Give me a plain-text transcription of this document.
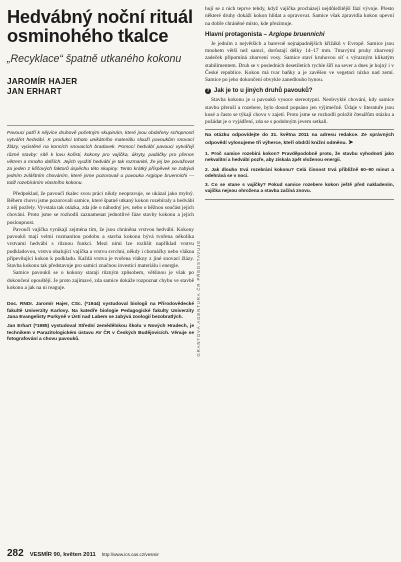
Hedvábný noční rituál osminohého tkalce

„Recyklace“ špatně utkaného kokonu

JAROMÍR HAJER
JAN ERHART

Pavouci patří k nějvíce druhově početným skupinám, které jsou obdařeny schopností vytvářet hedvábí. K produkci tohoto unikátního materiálu slouží pavoukům snovací žlázy, vyústěné na koncích snovacích bradavek. Pomocí hedvábí pavouci vytvářejí různé stavby: sítě k lovu kořisti, kokony pro vajíčka, úkryty, padáčky pro přenos větrem a mnoho dalších. Jejich využití hedvábí je tak rozmanité, že jej lze považovat za jeden z klíčových faktorů úspěchu této skupiny. Tento krátký příspěvek se zabývá jedním zvláštním chováním, které jsme pozorovali u pavouka Argiope bruennichi — totiž rozebíráním vlastního kokonu.

Předpoklad, že pavoučí tkalec svou práci nikdy neopravuje, se ukázal jako mylný. Během chovu jsme pozorovali samice, které špatně utkaný kokon rozebíraly a hedvábí z něj pozřely. Vyvstala tak otázka, zda jde o náhodný jev, nebo o běžnou součást jejich chování. Proto jsme se rozhodli zaznamenat jednotlivé fáze stavby kokonu a jejich posloupnost.

Pavoučí vajíčka vynikají zejména tím, že jsou chráněna vrstvou hedvábí. Kokony pavouků mají velmi rozmanitou podobu a stavba kokonu bývá tvořena několika vrstvami hedvábí s různou funkcí. Mezi nimi lze rozlišit například vrstvu podkladovou, vrstvu obalující vajíčka a vrstvu svrchní, někdy i chomáčky nebo vlákna připevňující kokon k podkladu. Každá vrstva je tvořena vlákny z jiné snovací žlázy. Stavba kokonu tak představuje pro samici značnou investici materiálu i energie.

Samice pavouků se o kokony starají různým způsobem, většinou je však po dokončení opouštějí. Je proto zajímavé, zda samice dokáže rozpoznat chybu ve stavbě kokonu a jak na ni reaguje.

Doc. RNDr. Jaromír Hajer, CSc. (*1944) vystudoval biologii na Přírodovědecké fakultě Univerzity Karlovy. Na katedře biologie Pedagogické fakulty Univerzity Jana Evangelisty Purkyně v Ústí nad Labem se zabývá zoologií bezobratlých.

Jan Erhart (*1985) vystudoval Střední zemědělskou školu v Nových Hradech, je technikem v Parazitologickém ústavu AV ČR v Českých Budějovicích. Věnuje se fotografování a chovu pavouků.	GRANTOVÁ AGENTURA ČR PŘEDSTAVUJE

hují se z nich teprve tehdy, když vajíčka procházejí nejdůležitější fází vývoje. Přesto některé druhy dokáží kokon hlídat a opravovat. Samice však zpravidla kokon upevní na dobře chráněné místo, kde přezimuje.

Hlavní protagonista – Argiope bruennichi

Je jedním z největších a barevně nejnápadnějších křižáků v Evropě. Samice jsou mnohem větší než samci, dorůstají délky 14–17 mm. Tmavými pruhy zbarvený zadeček připomíná zbarvení vosy. Samice staví kruhovou síť s výrazným klikatým stabilimentem. Druh se v posledních desetiletích rychle šíří na sever a dnes je hojný i v České republice. Kokon má tvar baňky a je zavěšen ve vegetaci nízko nad zemí. Samice po jeho dokončení obvykle zanedlouho hynou.

? Jak je to u jiných druhů pavouků?

Stavba kokonu je u pavouků vysoce stereotypní. Neobvyklé chování, kdy samice stavbu přeruší a rozebere, bylo dosud popsáno jen výjimečně. Údaje v literatuře jsou kusé a často se týkají chovu v zajetí. Proto jsme se rozhodli položit čtenářům otázku a požádat je o vyjádření, zda se s podobným jevem setkali.

Na otázku odpovídejte do 31. května 2011 na adresu redakce. Ze správných odpovědí vylosujeme tři výherce, kteří obdrží knižní odměnu. ➤

1. Proč samice rozebírá kokon? Pravděpodobně proto, že stavbu vyhodnotí jako nekvalitní a hedvábí pozře, aby získala zpět vloženou energii.

2. Jak dlouho trvá rozebrání kokonu? Celá činnost trvá přibližně 60–90 minut a odehrává se v noci.

3. Co se stane s vajíčky? Pokud samice rozebere kokon ještě před nakladením, vajíčka nejsou ohrožena a stavba začíná znovu.

282 VESMÍR 90, květen 2011 http://www.ics.cas.cz/vesmir
